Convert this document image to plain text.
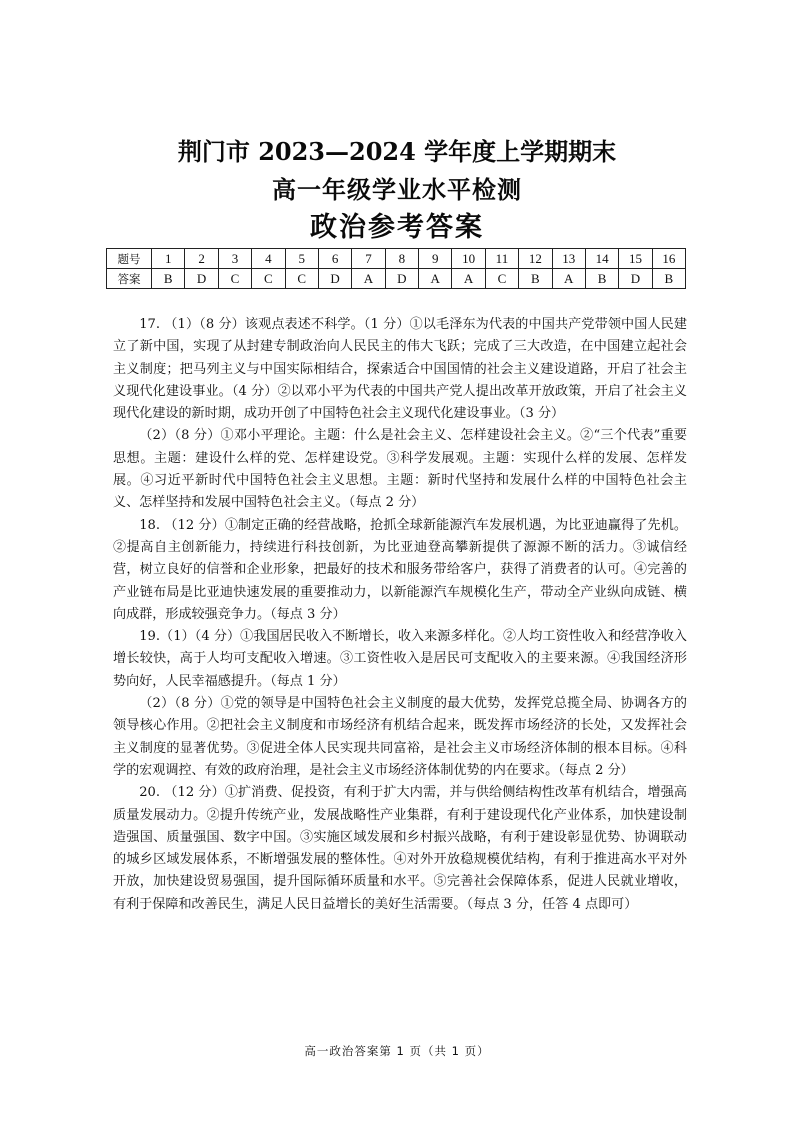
荆门市 2023—2024 学年度上学期期末
高一年级学业水平检测
政治参考答案
题号	1	2	3	4	5	6	7	8	9	10	11	12	13	14	15	16
答案	B	D	C	C	C	D	A	D	A	A	C	B	A	B	D	B

17. （1）（8 分）该观点表述不科学。（1 分）①以毛泽东为代表的中国共产党带领中国人民建立了新中国，实现了从封建专制政治向人民民主的伟大飞跃；完成了三大改造，在中国建立起社会主义制度；把马列主义与中国实际相结合，探索适合中国国情的社会主义建设道路，开启了社会主义现代化建设事业。（4 分）②以邓小平为代表的中国共产党人提出改革开放政策，开启了社会主义现代化建设的新时期，成功开创了中国特色社会主义现代化建设事业。（3 分）

（2）（8 分）①邓小平理论。主题：什么是社会主义、怎样建设社会主义。②“三个代表”重要思想。主题：建设什么样的党、怎样建设党。③科学发展观。主题：实现什么样的发展、怎样发展。④习近平新时代中国特色社会主义思想。主题：新时代坚持和发展什么样的中国特色社会主义、怎样坚持和发展中国特色社会主义。（每点 2 分）

18. （12 分）①制定正确的经营战略，抢抓全球新能源汽车发展机遇，为比亚迪赢得了先机。②提高自主创新能力，持续进行科技创新，为比亚迪登高攀新提供了源源不断的活力。③诚信经营，树立良好的信誉和企业形象，把最好的技术和服务带给客户，获得了消费者的认可。④完善的产业链布局是比亚迪快速发展的重要推动力，以新能源汽车规模化生产，带动全产业纵向成链、横向成群，形成较强竞争力。（每点 3 分）

19.（1）（4 分）①我国居民收入不断增长，收入来源多样化。②人均工资性收入和经营净收入增长较快，高于人均可支配收入增速。③工资性收入是居民可支配收入的主要来源。④我国经济形势向好，人民幸福感提升。（每点 1 分）

（2）（8 分）①党的领导是中国特色社会主义制度的最大优势，发挥党总揽全局、协调各方的领导核心作用。②把社会主义制度和市场经济有机结合起来，既发挥市场经济的长处，又发挥社会主义制度的显著优势。③促进全体人民实现共同富裕，是社会主义市场经济体制的根本目标。④科学的宏观调控、有效的政府治理，是社会主义市场经济体制优势的内在要求。（每点 2 分）

20. （12 分）①扩消费、促投资，有利于扩大内需，并与供给侧结构性改革有机结合，增强高质量发展动力。②提升传统产业，发展战略性产业集群，有利于建设现代化产业体系，加快建设制造强国、质量强国、数字中国。③实施区域发展和乡村振兴战略，有利于建设彰显优势、协调联动的城乡区域发展体系，不断增强发展的整体性。④对外开放稳规模优结构，有利于推进高水平对外开放，加快建设贸易强国，提升国际循环质量和水平。⑤完善社会保障体系，促进人民就业增收，有利于保障和改善民生，满足人民日益增长的美好生活需要。（每点 3 分，任答 4 点即可）

高一政治答案第 1 页（共 1 页）
